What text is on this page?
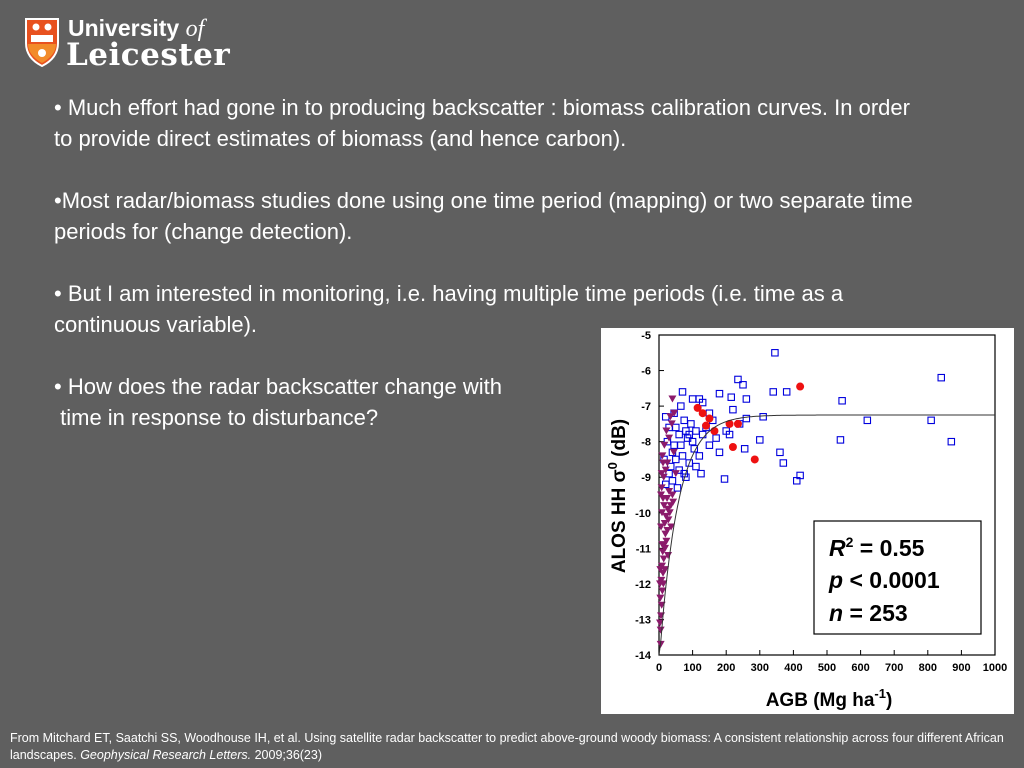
University of
Leicester

• Much effort had gone in to producing backscatter : biomass calibration curves. In order to provide direct estimates of biomass (and hence carbon).

•Most radar/biomass studies done using one time period (mapping) or two separate time periods for (change detection).

• But I am interested in monitoring, i.e. having multiple time periods (i.e. time as a continuous variable).

• How does the radar backscatter change with
time in response to disturbance?

-5
-6
-7
-8
-9
-10
-11
-12
-13
-14
0 100 200 300 400 500 600 700 800 900 1000
ALOS HH $\sigma^0$ (dB)
AGB (Mg $ha^{-1}$)
$R^2 = 0.55$
p < 0.0001
n = 253
From Mitchard ET, Saatchi SS, Woodhouse IH, et al. Using satellite radar backscatter to predict above-ground woody biomass: A consistent relationship across four different African landscapes. Geophysical Research Letters. 2009;36(23)
